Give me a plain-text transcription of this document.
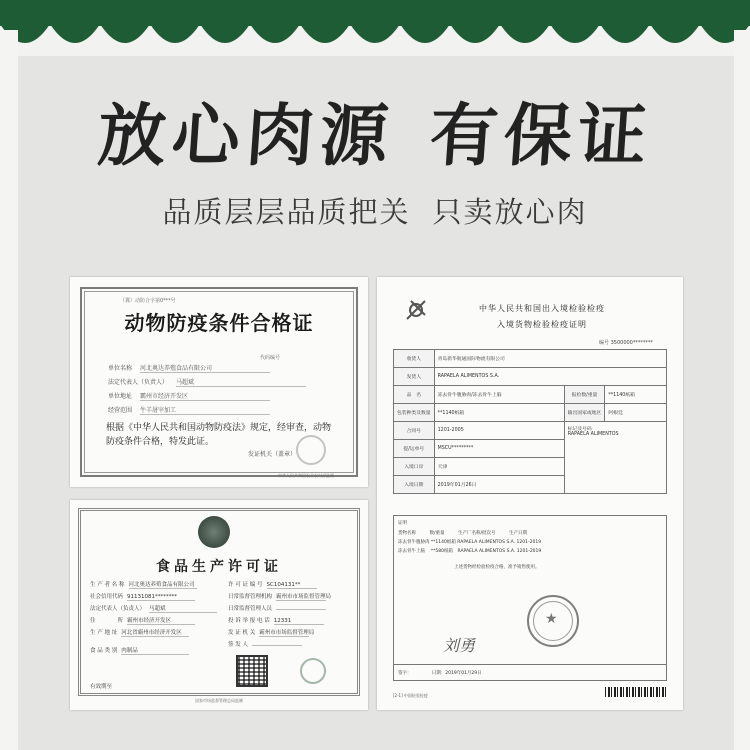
放心肉源 有保证
品质层层品质把关 只卖放心肉
（冀）动防合字第0***号
动物防疫条件合格证
代码编号
单位名称 河北奥达养殖食品有限公司
法定代表人（负责人） 马超斌
单位地址 霸州市经济开发区
经营范围 牛羊屠宰加工
根据《中华人民共和国动物防疫法》规定，经审查，动物防疫条件合格，特发此证。
发证机关（盖章）
中华人民共和国农业农村部监制
食品生产许可证
生 产 者 名 称 河北奥达养殖食品有限公司
社会信用代码 91131081********
法定代表人（负责人） 马超斌
住　　　　所 霸州市经济开发区
生 产 地 址 河北省霸州市经济开发区
食 品 类 别 肉制品
许 可 证 编 号 SC104131**
日常监督管理机构 霸州市市场监督管理局
日常监督管理人员
投 诉 举 报 电 话 12331
发 证 机 关 霸州市市场监督管理局
签 发 人
有效期至
国家市场监督管理总局监制
中华人民共和国出入境检验检疫
入境货物检验检疫证明
编号 3500000********
收货人	青岛新华航通国际物流有限公司		
发货人	RAPAELA ALIMENTOS S.A.		
品　名	冻去骨牛腹胁肉/冻去骨牛上脑	报检数/重量	**1140纸箱
包装种类及数量	**1140纸箱	输出国家或地区	阿根廷
合同号	1201-2005	标记及号码
RAPAELA ALIMENTOS	
提/运单号	MSCU*********		
入境口岸	天津		
入境日期	2019年01月26日		
证明
货物名称　　　数/重量　　　生产厂名称/批次号　　　生产日期
冻去骨牛腹胁肉 **1140纸箱 RAPAELA ALIMENTOS S.A. 1201-2019
冻去骨牛上脑　 **580纸箱　RAPAELA ALIMENTOS S.A. 1201-2019
上述货物经检验检疫合格，准予销售使用。
★
刘勇
签字：　　　　　日期：2019年01月29日
[2-1] 中国检验检疫
